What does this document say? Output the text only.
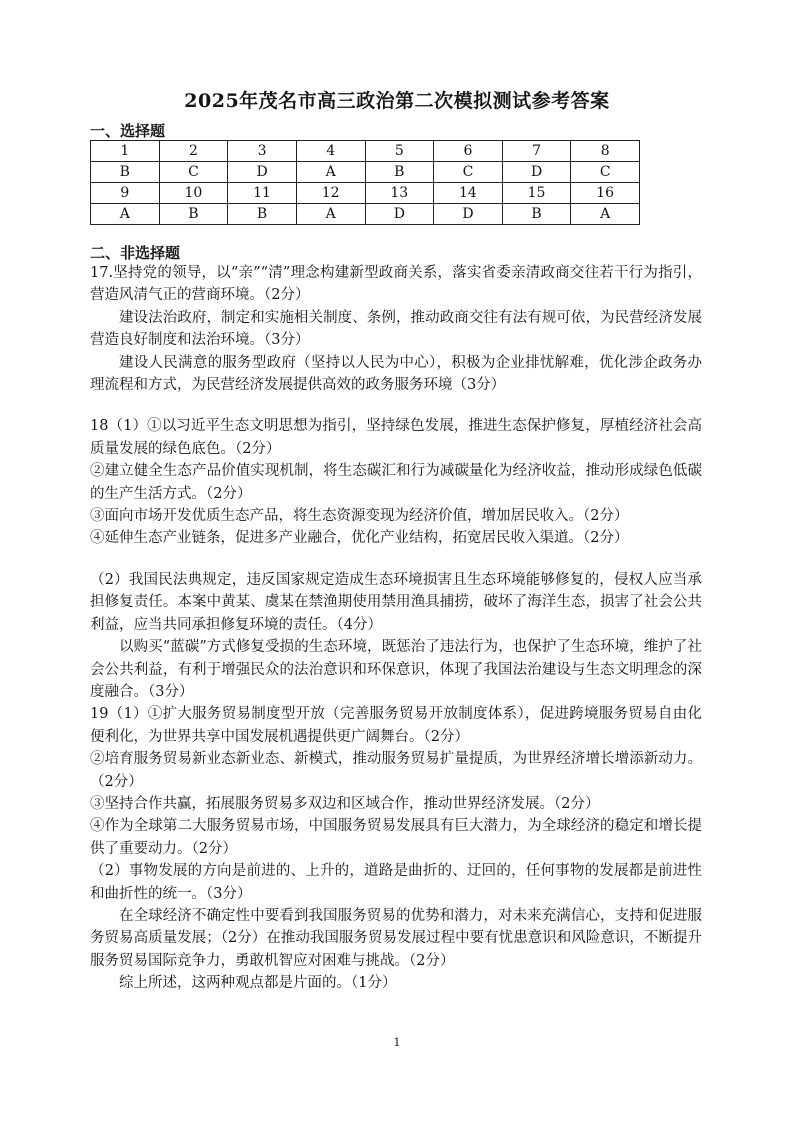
2025年茂名市高三政治第二次模拟测试参考答案
一、选择题
1	2	3	4	5	6	7	8
B	C	D	A	B	C	D	C
9	10	11	12	13	14	15	16
A	B	B	A	D	D	B	A
二、非选择题

17.坚持党的领导，以“亲”“清”理念构建新型政商关系，落实省委亲清政商交往若干行为指引，营造风清气正的营商环境。（2分）

建设法治政府，制定和实施相关制度、条例，推动政商交往有法有规可依，为民营经济发展营造良好制度和法治环境。（3分）

建设人民满意的服务型政府（坚持以人民为中心），积极为企业排忧解难，优化涉企政务办理流程和方式，为民营经济发展提供高效的政务服务环境（3分）

18（1）①以习近平生态文明思想为指引，坚持绿色发展，推进生态保护修复，厚植经济社会高质量发展的绿色底色。（2分）

②建立健全生态产品价值实现机制，将生态碳汇和行为减碳量化为经济收益，推动形成绿色低碳的生产生活方式。（2分）

③面向市场开发优质生态产品，将生态资源变现为经济价值，增加居民收入。（2分）

④延伸生态产业链条，促进多产业融合，优化产业结构，拓宽居民收入渠道。（2分）

（2）我国民法典规定，违反国家规定造成生态环境损害且生态环境能够修复的，侵权人应当承担修复责任。本案中黄某、虞某在禁渔期使用禁用渔具捕捞，破坏了海洋生态，损害了社会公共利益，应当共同承担修复环境的责任。（4分）

以购买“蓝碳”方式修复受损的生态环境，既惩治了违法行为，也保护了生态环境，维护了社会公共利益，有利于增强民众的法治意识和环保意识，体现了我国法治建设与生态文明理念的深度融合。（3分）

19（1）①扩大服务贸易制度型开放（完善服务贸易开放制度体系），促进跨境服务贸易自由化便利化，为世界共享中国发展机遇提供更广阔舞台。（2分）

②培育服务贸易新业态新业态、新模式，推动服务贸易扩量提质，为世界经济增长增添新动力。（2分）

③坚持合作共赢，拓展服务贸易多双边和区域合作，推动世界经济发展。（2分）

④作为全球第二大服务贸易市场，中国服务贸易发展具有巨大潜力，为全球经济的稳定和增长提供了重要动力。（2分）

（2）事物发展的方向是前进的、上升的，道路是曲折的、迂回的，任何事物的发展都是前进性和曲折性的统一。（3分）

在全球经济不确定性中要看到我国服务贸易的优势和潜力，对未来充满信心，支持和促进服务贸易高质量发展；（2分）在推动我国服务贸易发展过程中要有忧患意识和风险意识，不断提升服务贸易国际竞争力，勇敢机智应对困难与挑战。（2分）

综上所述，这两种观点都是片面的。（1分）

1
